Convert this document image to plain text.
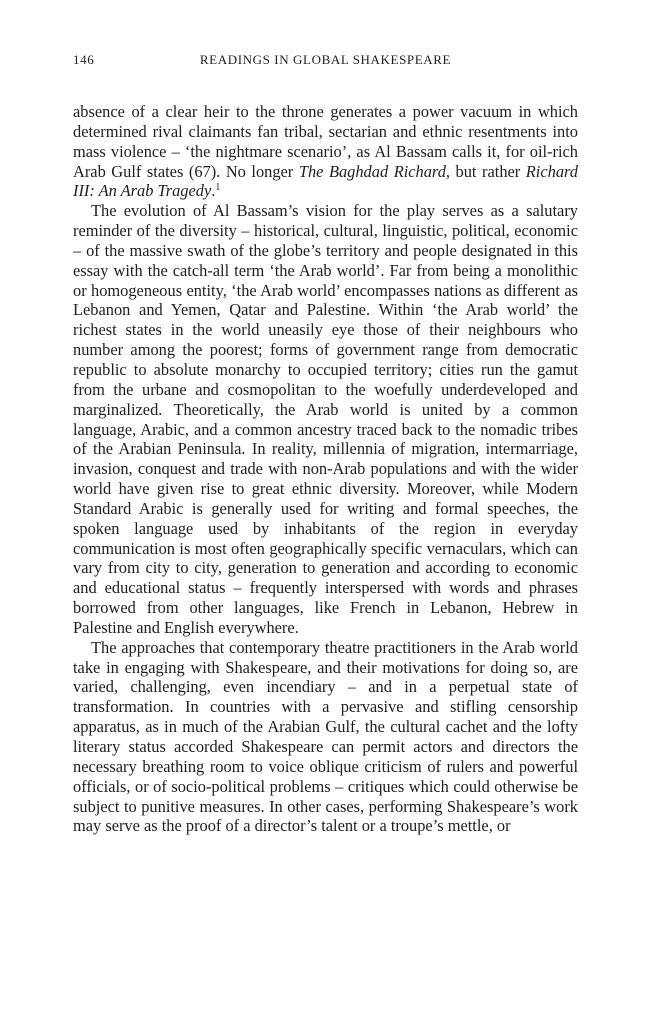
146	READINGS IN GLOBAL SHAKESPEARE

absence of a clear heir to the throne generates a power vacuum in which determined rival claimants fan tribal, sectarian and ethnic resentments into mass violence – ‘the nightmare scenario’, as Al Bassam calls it, for oil-rich Arab Gulf states (67). No longer The Baghdad Richard, but rather Richard III: An Arab Tragedy.$^1$

The evolution of Al Bassam’s vision for the play serves as a salutary reminder of the diversity – historical, cultural, linguistic, political, economic – of the massive swath of the globe’s territory and people designated in this essay with the catch-all term ‘the Arab world’. Far from being a monolithic or homogeneous entity, ‘the Arab world’ encompasses nations as different as Lebanon and Yemen, Qatar and Palestine. Within ‘the Arab world’ the richest states in the world uneasily eye those of their neighbours who number among the poorest; forms of government range from democratic republic to absolute monarchy to occupied territory; cities run the gamut from the urbane and cosmopolitan to the woefully underdeveloped and marginalized. Theoretically, the Arab world is united by a common language, Arabic, and a common ancestry traced back to the nomadic tribes of the Arabian Peninsula. In reality, millennia of migration, intermarriage, invasion, conquest and trade with non-Arab populations and with the wider world have given rise to great ethnic diversity. Moreover, while Modern Standard Arabic is generally used for writing and formal speeches, the spoken language used by inhabitants of the region in everyday communication is most often geographically specific vernaculars, which can vary from city to city, generation to generation and according to economic and educational status – frequently interspersed with words and phrases borrowed from other languages, like French in Lebanon, Hebrew in Palestine and English everywhere.

The approaches that contemporary theatre practitioners in the Arab world take in engaging with Shakespeare, and their motivations for doing so, are varied, challenging, even incendiary – and in a perpetual state of transformation. In countries with a pervasive and stifling censorship apparatus, as in much of the Arabian Gulf, the cultural cachet and the lofty literary status accorded Shakespeare can permit actors and directors the necessary breathing room to voice oblique criticism of rulers and powerful officials, or of socio-political problems – critiques which could otherwise be subject to punitive measures. In other cases, performing Shakespeare’s work may serve as the proof of a director’s talent or a troupe’s mettle, or
